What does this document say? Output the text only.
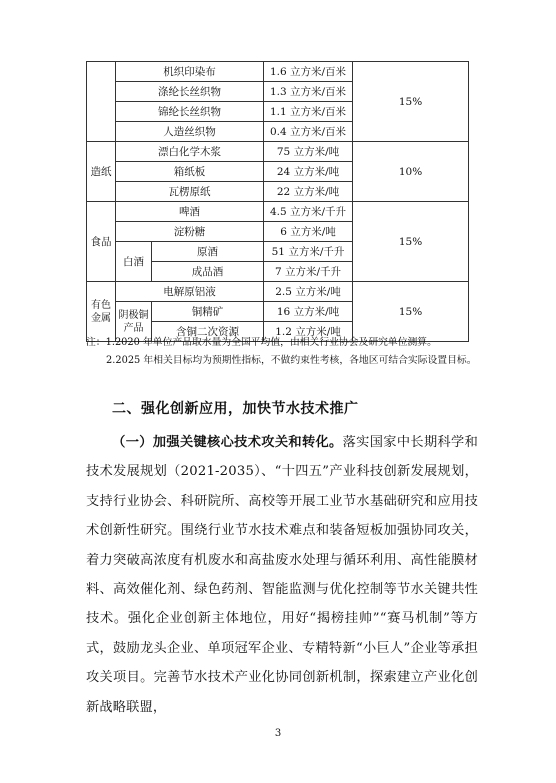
	机织印染布		1.6 立方米/百米	15%
	涤纶长丝织物		1.3 立方米/百米	
	锦纶长丝织物		1.1 立方米/百米	
	人造丝织物		0.4 立方米/百米	
造纸	漂白化学木浆		75 立方米/吨	10%
	箱纸板		24 立方米/吨	
	瓦楞原纸		22 立方米/吨	
食品	啤酒		4.5 立方米/千升	15%
	淀粉糖		6 立方米/吨	
	白酒	原酒	51 立方米/千升	
		成品酒	7 立方米/千升	
有色金属	电解原铝液		2.5 立方米/吨	15%
	阴极铜产品	铜精矿	16 立方米/吨	
		含铜二次资源	1.2 立方米/吨	
注：1.2020 年单位产品取水量为全国平均值，由相关行业协会及研究单位测算。
2.2025 年相关目标均为预期性指标，不做约束性考核，各地区可结合实际设置目标。
二、强化创新应用，加快节水技术推广
（一）加强关键核心技术攻关和转化。落实国家中长期科学和技术发展规划（2021-2035）、“十四五”产业科技创新发展规划，支持行业协会、科研院所、高校等开展工业节水基础研究和应用技术创新性研究。围绕行业节水技术难点和装备短板加强协同攻关，着力突破高浓度有机废水和高盐废水处理与循环利用、高性能膜材料、高效催化剂、绿色药剂、智能监测与优化控制等节水关键共性技术。强化企业创新主体地位，用好“揭榜挂帅”“赛马机制”等方式，鼓励龙头企业、单项冠军企业、专精特新“小巨人”企业等承担攻关项目。完善节水技术产业化协同创新机制，探索建立产业化创新战略联盟，
3
